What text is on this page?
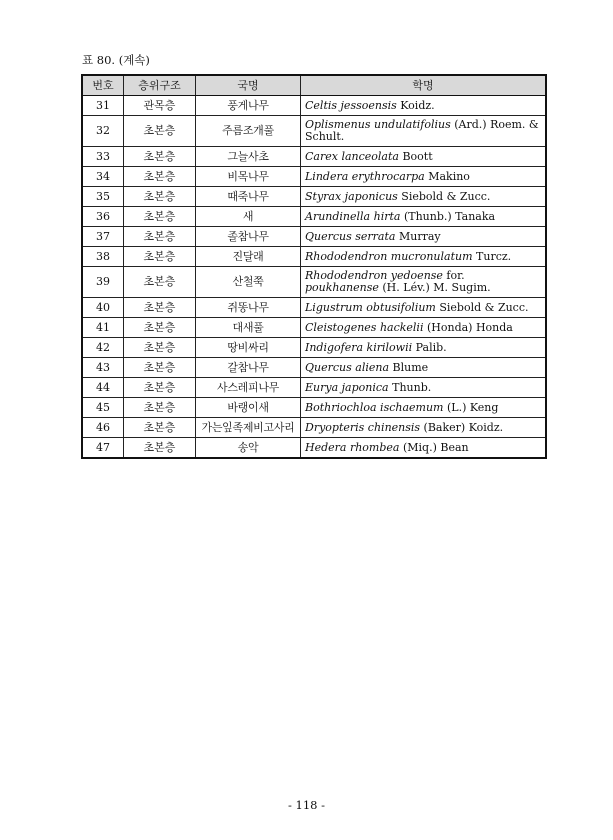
표 80. (계속)
번호	층위구조	국명	학명
31	관목층	풍게나무	Celtis jessoensis Koidz.
32	초본층	주름조개풀	Oplismenus undulatifolius (Ard.) Roem. & Schult.
33	초본층	그늘사초	Carex lanceolata Boott
34	초본층	비목나무	Lindera erythrocarpa Makino
35	초본층	때죽나무	Styrax japonicus Siebold & Zucc.
36	초본층	새	Arundinella hirta (Thunb.) Tanaka
37	초본층	졸참나무	Quercus serrata Murray
38	초본층	진달래	Rhododendron mucronulatum Turcz.
39	초본층	산철쭉	Rhododendron yedoense for. poukhanense (H. Lév.) M. Sugim.
40	초본층	쥐똥나무	Ligustrum obtusifolium Siebold & Zucc.
41	초본층	대새풀	Cleistogenes hackelii (Honda) Honda
42	초본층	땅비싸리	Indigofera kirilowii Palib.
43	초본층	갈참나무	Quercus aliena Blume
44	초본층	사스레피나무	Eurya japonica Thunb.
45	초본층	바랭이새	Bothriochloa ischaemum (L.) Keng
46	초본층	가는잎족제비고사리	Dryopteris chinensis (Baker) Koidz.
47	초본층	송악	Hedera rhombea (Miq.) Bean
- 118 -
